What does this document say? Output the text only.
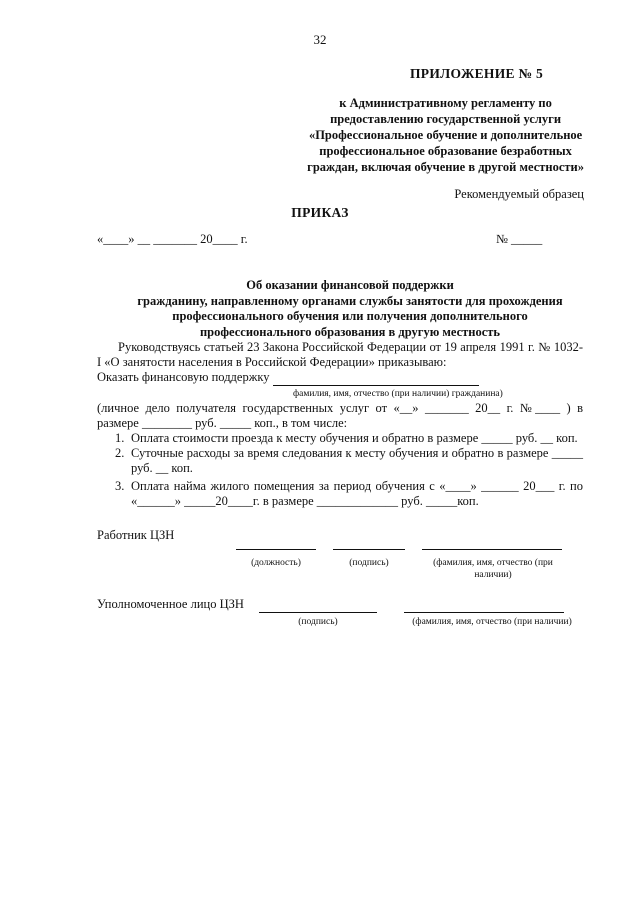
32
ПРИЛОЖЕНИЕ № 5
к Административному регламенту по
предоставлению государственной услуги
«Профессиональное обучение и дополнительное
профессиональное образование безработных
граждан, включая обучение в другой местности»
Рекомендуемый образец
ПРИКАЗ
«____» __ _______ 20____ г.	№ _____
Об оказании финансовой поддержки
гражданину, направленному органами службы занятости для прохождения
профессионального обучения или получения дополнительного
профессионального образования в другую местность

Руководствуясь статьей 23 Закона Российской Федерации от 19 апреля 1991 г. № 1032-I «О занятости населения в Российской Федерации» приказываю:

Оказать финансовую поддержку

фамилия, имя, отчество (при наличии) гражданина)

(личное дело получателя государственных услуг от «__» _______ 20__ г. №____ ) в размере ________ руб. _____ коп., в том числе:

1. Оплата стоимости проезда к месту обучения и обратно в размере _____ руб. __ коп.
2. Суточные расходы за время следования к месту обучения и обратно в размере _____ руб. __ коп.
3. Оплата найма жилого помещения за период обучения с «____» ______ 20___ г. по «______» _____20____г. в размере _____________ руб. _____коп.
Работник ЦЗН
(должность)	(подпись)	(фамилия, имя, отчество (при наличии)
Уполномоченное лицо ЦЗН
(подпись)	(фамилия, имя, отчество (при наличии)
